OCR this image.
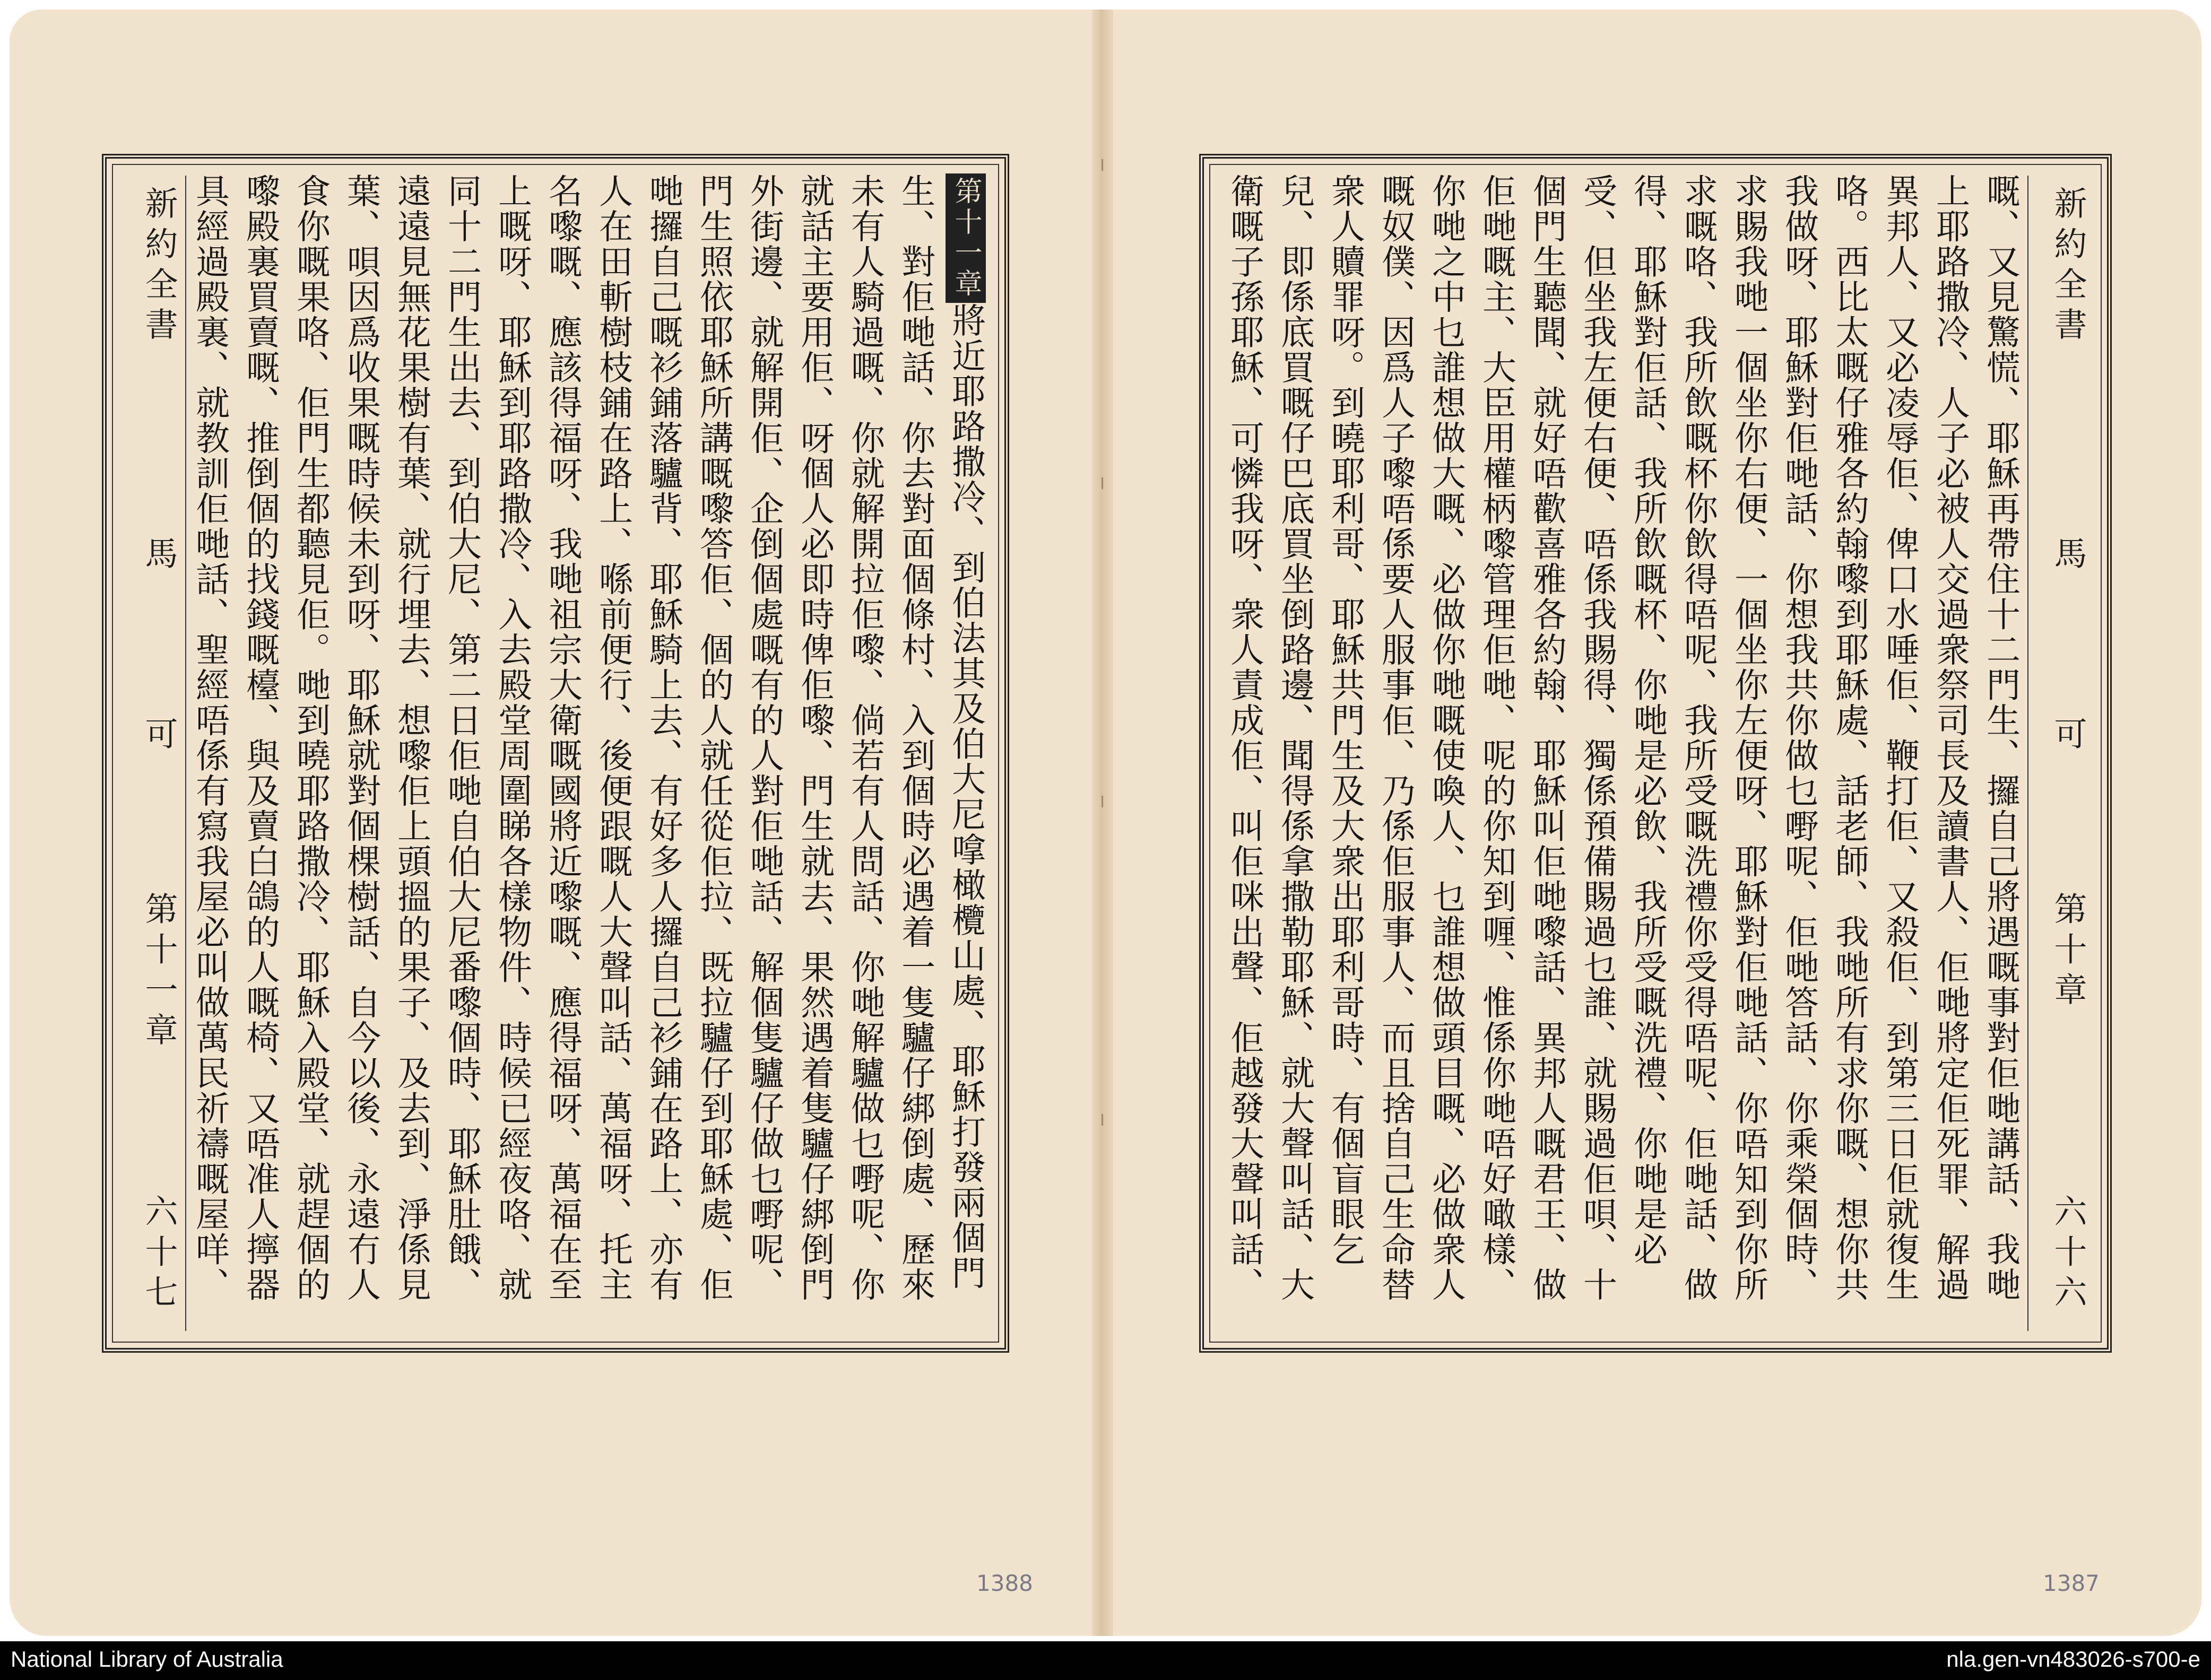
新約全書
馬
可
第十一章
六十七
第十一章將近耶路撒冷、到伯法其及伯大尼嗱橄欖山處、耶穌打發兩個門生、對佢哋話、你去對面個條村、入到個時必遇着一隻驢仔綁倒處、歷來未有人騎過嘅、你就解開拉佢嚟、倘若有人問話、你哋解驢做乜嘢呢、你就話主要用佢、呀個人必即時俾佢嚟、門生就去、果然遇着隻驢仔綁倒門外街邊、就解開佢、企倒個處嘅有的人對佢哋話、解個隻驢仔做乜嘢呢、門生照依耶穌所講嘅嚟答佢、個的人就任從佢拉、既拉驢仔到耶穌處、佢哋攞自己嘅衫鋪落驢背、耶穌騎上去、有好多人攞自己衫鋪在路上、亦有人在田斬樹枝鋪在路上、喺前便行、後便跟嘅人大聲叫話、萬福呀、托主名嚟嘅、應該得福呀、我哋祖宗大衛嘅國將近嚟嘅、應得福呀、萬福在至上嘅呀、耶穌到耶路撒冷、入去殿堂周圍睇各樣物件、時候已經夜咯、就同十二門生出去、到伯大尼、第二日佢哋自伯大尼番嚟個時、耶穌肚餓、遠遠見無花果樹有葉、就行埋去、想嚟佢上頭搵的果子、及去到、淨係見葉、唄因爲收果嘅時候未到呀、耶穌就對個棵樹話、自今以後、永遠冇人食你嘅果咯、佢門生都聽見佢。哋到曉耶路撒冷、耶穌入殿堂、就趕個的嚟殿裏買賣嘅、推倒個的找錢嘅檯、與及賣白鴿的人嘅椅、又唔准人擰器具經過殿裏、就教訓佢哋話、聖經唔係有寫我屋必叫做萬民祈禱嘅屋咩、
新約全書
馬
可
第十章
六十六
嘅、又見驚慌、耶穌再帶住十二門生、攞自己將遇嘅事對佢哋講話、我哋上耶路撒冷、人子必被人交過衆祭司長及讀書人、佢哋將定佢死罪、解過異邦人、又必凌辱佢、俾口水唾佢、鞭打佢、又殺佢、到第三日佢就復生咯。西比太嘅仔雅各約翰嚟到耶穌處、話老師、我哋所有求你嘅、想你共我做呀、耶穌對佢哋話、你想我共你做乜嘢呢、佢哋答話、你乘榮個時、求賜我哋一個坐你右便、一個坐你左便呀、耶穌對佢哋話、你唔知到你所求嘅咯、我所飲嘅杯你飲得唔呢、我所受嘅洗禮你受得唔呢、佢哋話、做得、耶穌對佢話、我所飲嘅杯、你哋是必飲、我所受嘅洗禮、你哋是必受、但坐我左便右便、唔係我賜得、獨係預備賜過乜誰、就賜過佢唄、十個門生聽聞、就好唔歡喜雅各約翰、耶穌叫佢哋嚟話、異邦人嘅君王、做佢哋嘅主、大臣用權柄嚟管理佢哋、呢的你知到喱、惟係你哋唔好噉樣、你哋之中乜誰想做大嘅、必做你哋嘅使喚人、乜誰想做頭目嘅、必做衆人嘅奴僕、因爲人子嚟唔係要人服事佢、乃係佢服事人、而且捨自己生命替衆人贖罪呀。到曉耶利哥、耶穌共門生及大衆出耶利哥時、有個盲眼乞兒、即係底買嘅仔巴底買坐倒路邊、聞得係拿撒勒耶穌、就大聲叫話、大衛嘅子孫耶穌、可憐我呀、衆人責成佢、叫佢咪出聲、佢越發大聲叫話、
1388	1387
National Library of Australia	nla.gen-vn483026-s700-e
